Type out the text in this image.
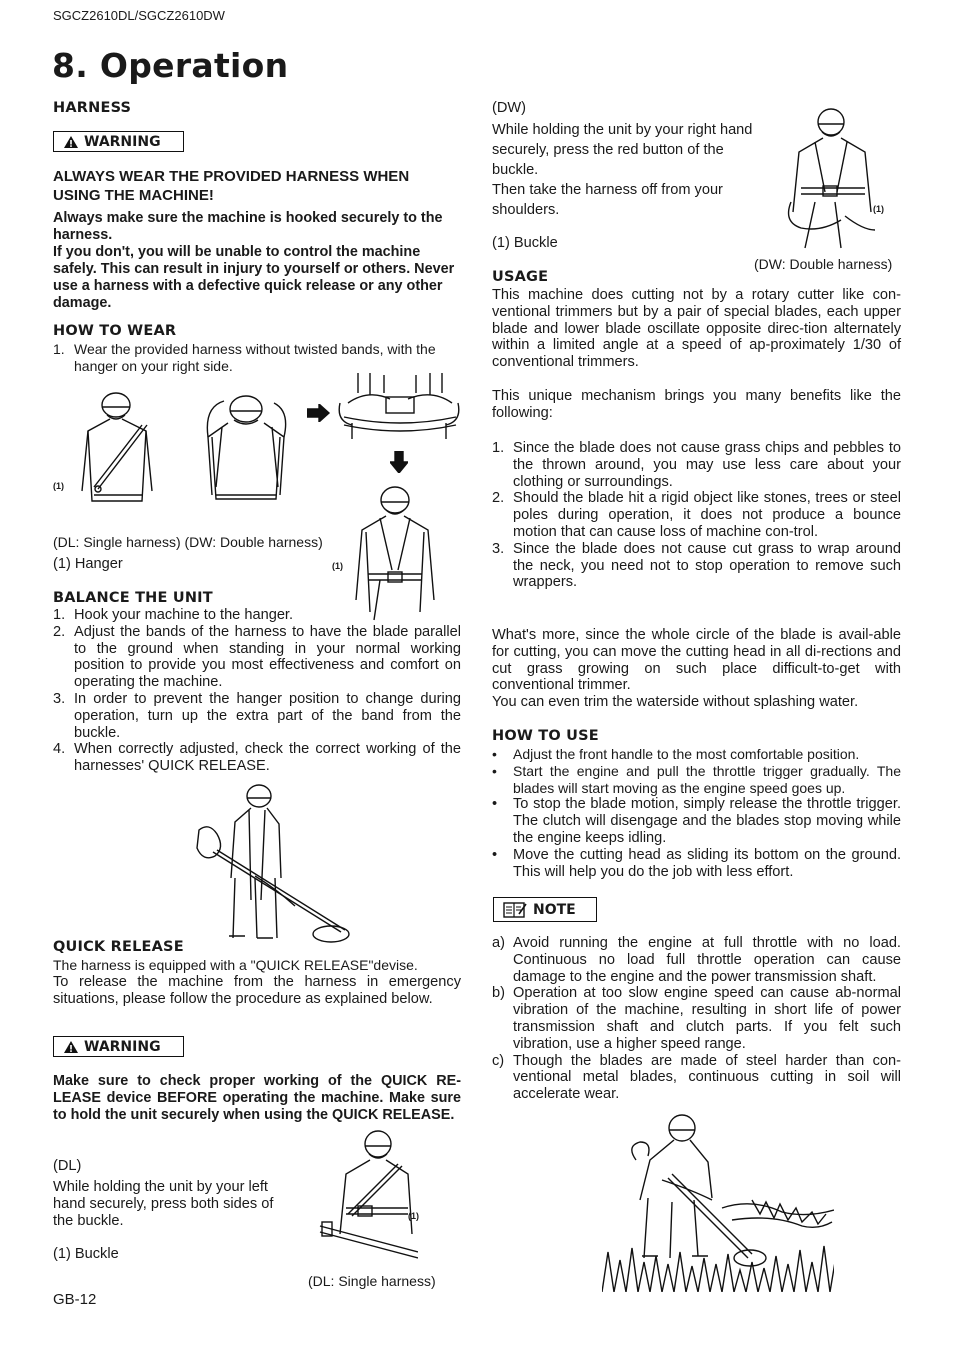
SGCZ2610DL/SGCZ2610DW
8. Operation
HARNESS
WARNING
ALWAYS WEAR THE PROVIDED HARNESS WHEN
USING THE MACHINE!
Always make sure the machine is hooked securely to the harness.
If you don't, you will be unable to control the machine safely. This can result in injury to yourself or others. Never use a harness with a defective quick release or any other damage.
HOW TO WEAR
1. Wear the provided harness without twisted bands, with the hanger on your right side.
(1)
(DL: Single harness) (DW: Double harness)
(1) Hanger	(1)
BALANCE THE UNIT
1. Hook your machine to the hanger.
2. Adjust the bands of the harness to have the blade parallel to the ground when standing in your normal working position to provide you most effectiveness and comfort on operating the machine.
3. In order to prevent the hanger position to change during operation, turn up the extra part of the band from the buckle.
4. When correctly adjusted, check the correct working of the harnesses' QUICK RELEASE.
QUICK RELEASE
The harness is equipped with a "QUICK RELEASE"devise.
To release the machine from the harness in emergency situations, please follow the procedure as explained below.
WARNING
Make sure to check proper working of the QUICK RE-LEASE device BEFORE operating the machine. Make sure to hold the unit securely when using the QUICK RELEASE.
(DL)
While holding the unit by your left hand securely, press both sides of the buckle.
(1) Buckle
(1)
(DL: Single harness)
GB-12
(DW)
While holding the unit by your right hand securely, press the red button of the buckle.
Then take the harness off from your shoulders.
(1) Buckle
(1)
(DW: Double harness)
USAGE
This machine does cutting not by a rotary cutter like con-ventional trimmers but by a pair of special blades, each upper blade and lower blade oscillate opposite direc-tion alternately within a limited angle at a speed of ap-proximately 1/30 of conventional trimmers.
This unique mechanism brings you many benefits like the following:
1. Since the blade does not cause grass chips and pebbles to the thrown around, you may use less care about your clothing or surroundings.
2. Should the blade hit a rigid object like stones, trees or steel poles during operation, it does not produce a bounce motion that can cause loss of machine con-trol.
3. Since the blade does not cause cut grass to wrap around the neck, you need not to stop operation to remove such wrappers.
What's more, since the whole circle of the blade is avail-able for cutting, you can move the cutting head in all di-rections and cut grass growing on such place difficult-to-get with conventional trimmer.
You can even trim the waterside without splashing water.
HOW TO USE
• Adjust the front handle to the most comfortable position.
• Start the engine and pull the throttle trigger gradually. The blades will start moving as the engine speed goes up.
• To stop the blade motion, simply release the throttle trigger. The clutch will disengage and the blades stop moving while the engine keeps idling.
• Move the cutting head as sliding its bottom on the ground. This will help you do the job with less effort.
NOTE
a) Avoid running the engine at full throttle with no load. Continuous no load full throttle operation can cause damage to the engine and the power transmission shaft.
b) Operation at too slow engine speed can cause ab-normal vibration of the machine, resulting in short life of power transmission shaft and clutch parts. If you felt such vibration, use a higher speed range.
c) Though the blades are made of steel harder than con-ventional metal blades, continuous cutting in soil will accelerate wear.
